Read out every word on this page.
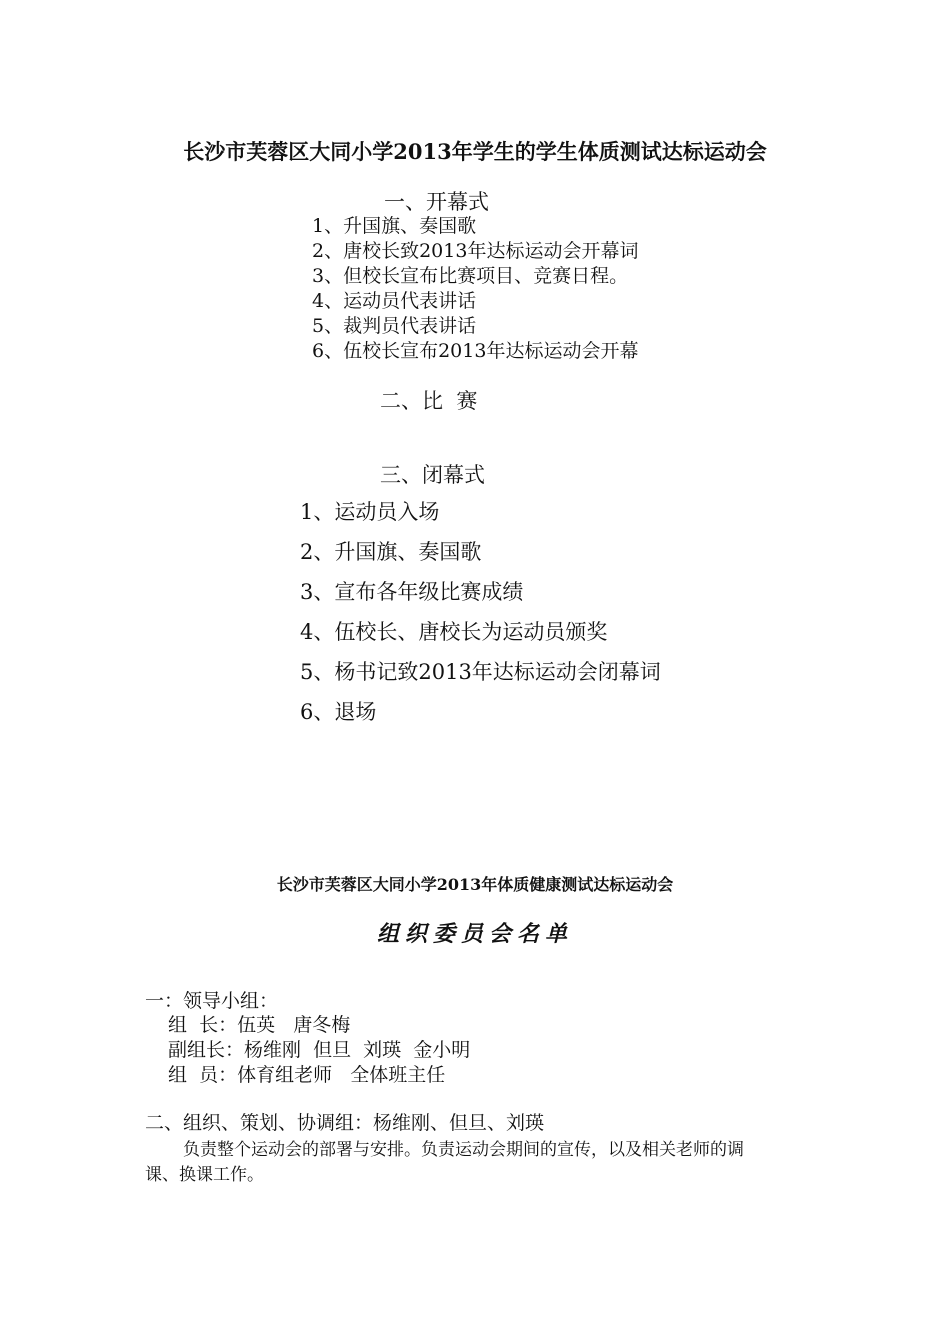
长沙市芙蓉区大同小学2013年学生的学生体质测试达标运动会
一、开幕式
1、升国旗、奏国歌
2、唐校长致2013年达标运动会开幕词
3、但校长宣布比赛项目、竞赛日程。
4、运动员代表讲话
5、裁判员代表讲话
6、伍校长宣布2013年达标运动会开幕
二、比  赛
三、闭幕式
1、运动员入场
2、升国旗、奏国歌
3、宣布各年级比赛成绩
4、伍校长、唐校长为运动员颁奖
5、杨书记致2013年达标运动会闭幕词
6、退场
长沙市芙蓉区大同小学2013年体质健康测试达标运动会
组织委员会名单
一：领导小组：
组  长：伍英   唐冬梅
副组长：杨维刚  但旦  刘瑛  金小明
组  员：体育组老师   全体班主任
二、组织、策划、协调组：杨维刚、但旦、刘瑛
负责整个运动会的部署与安排。负责运动会期间的宣传，以及相关老师的调
课、换课工作。
